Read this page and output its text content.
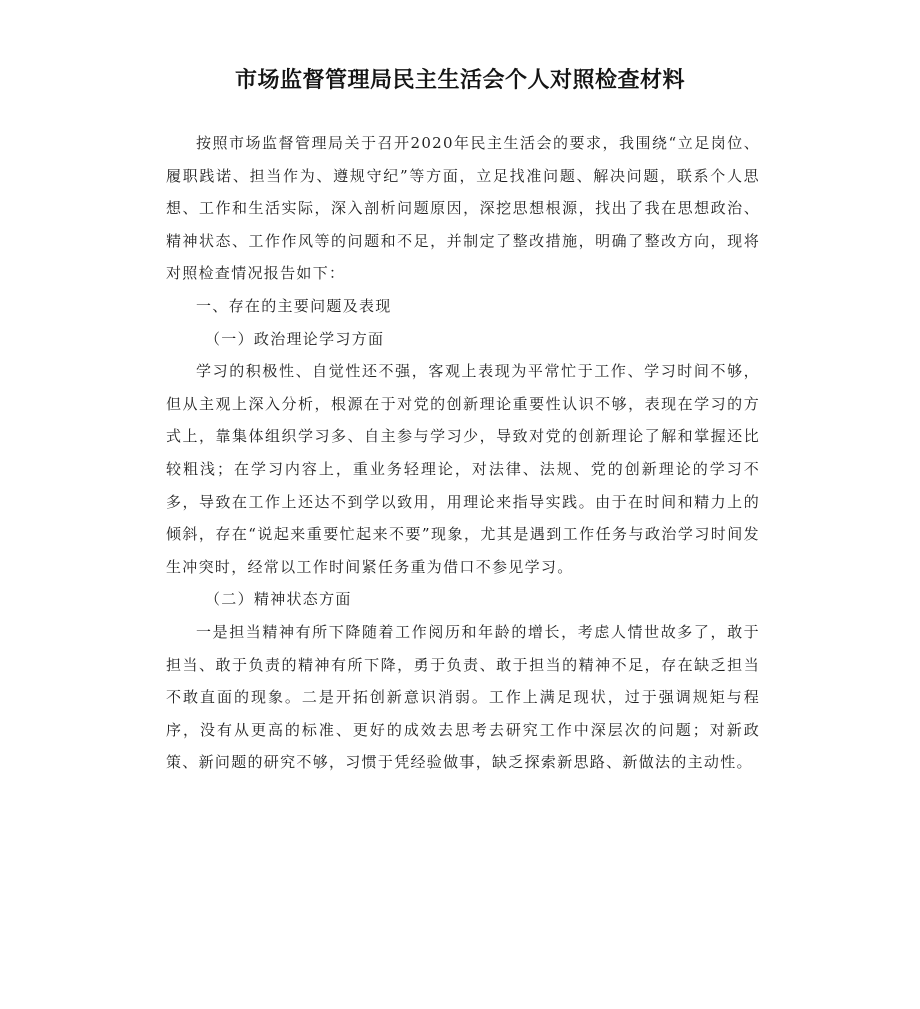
市场监督管理局民主生活会个人对照检查材料

按照市场监督管理局关于召开2020年民主生活会的要求，我围绕“立足岗位、履职践诺、担当作为、遵规守纪”等方面，立足找准问题、解决问题，联系个人思想、工作和生活实际，深入剖析问题原因，深挖思想根源，找出了我在思想政治、精神状态、工作作风等的问题和不足，并制定了整改措施，明确了整改方向，现将对照检查情况报告如下：

一、存在的主要问题及表现

（一）政治理论学习方面

学习的积极性、自觉性还不强，客观上表现为平常忙于工作、学习时间不够，但从主观上深入分析，根源在于对党的创新理论重要性认识不够，表现在学习的方式上，靠集体组织学习多、自主参与学习少，导致对党的创新理论了解和掌握还比较粗浅；在学习内容上，重业务轻理论，对法律、法规、党的创新理论的学习不多，导致在工作上还达不到学以致用，用理论来指导实践。由于在时间和精力上的倾斜，存在“说起来重要忙起来不要”现象，尤其是遇到工作任务与政治学习时间发生冲突时，经常以工作时间紧任务重为借口不参见学习。

（二）精神状态方面

一是担当精神有所下降随着工作阅历和年龄的增长，考虑人情世故多了，敢于担当、敢于负责的精神有所下降，勇于负责、敢于担当的精神不足，存在缺乏担当不敢直面的现象。二是开拓创新意识消弱。工作上满足现状，过于强调规矩与程序，没有从更高的标准、更好的成效去思考去研究工作中深层次的问题；对新政策、新问题的研究不够，习惯于凭经验做事，缺乏探索新思路、新做法的主动性。
